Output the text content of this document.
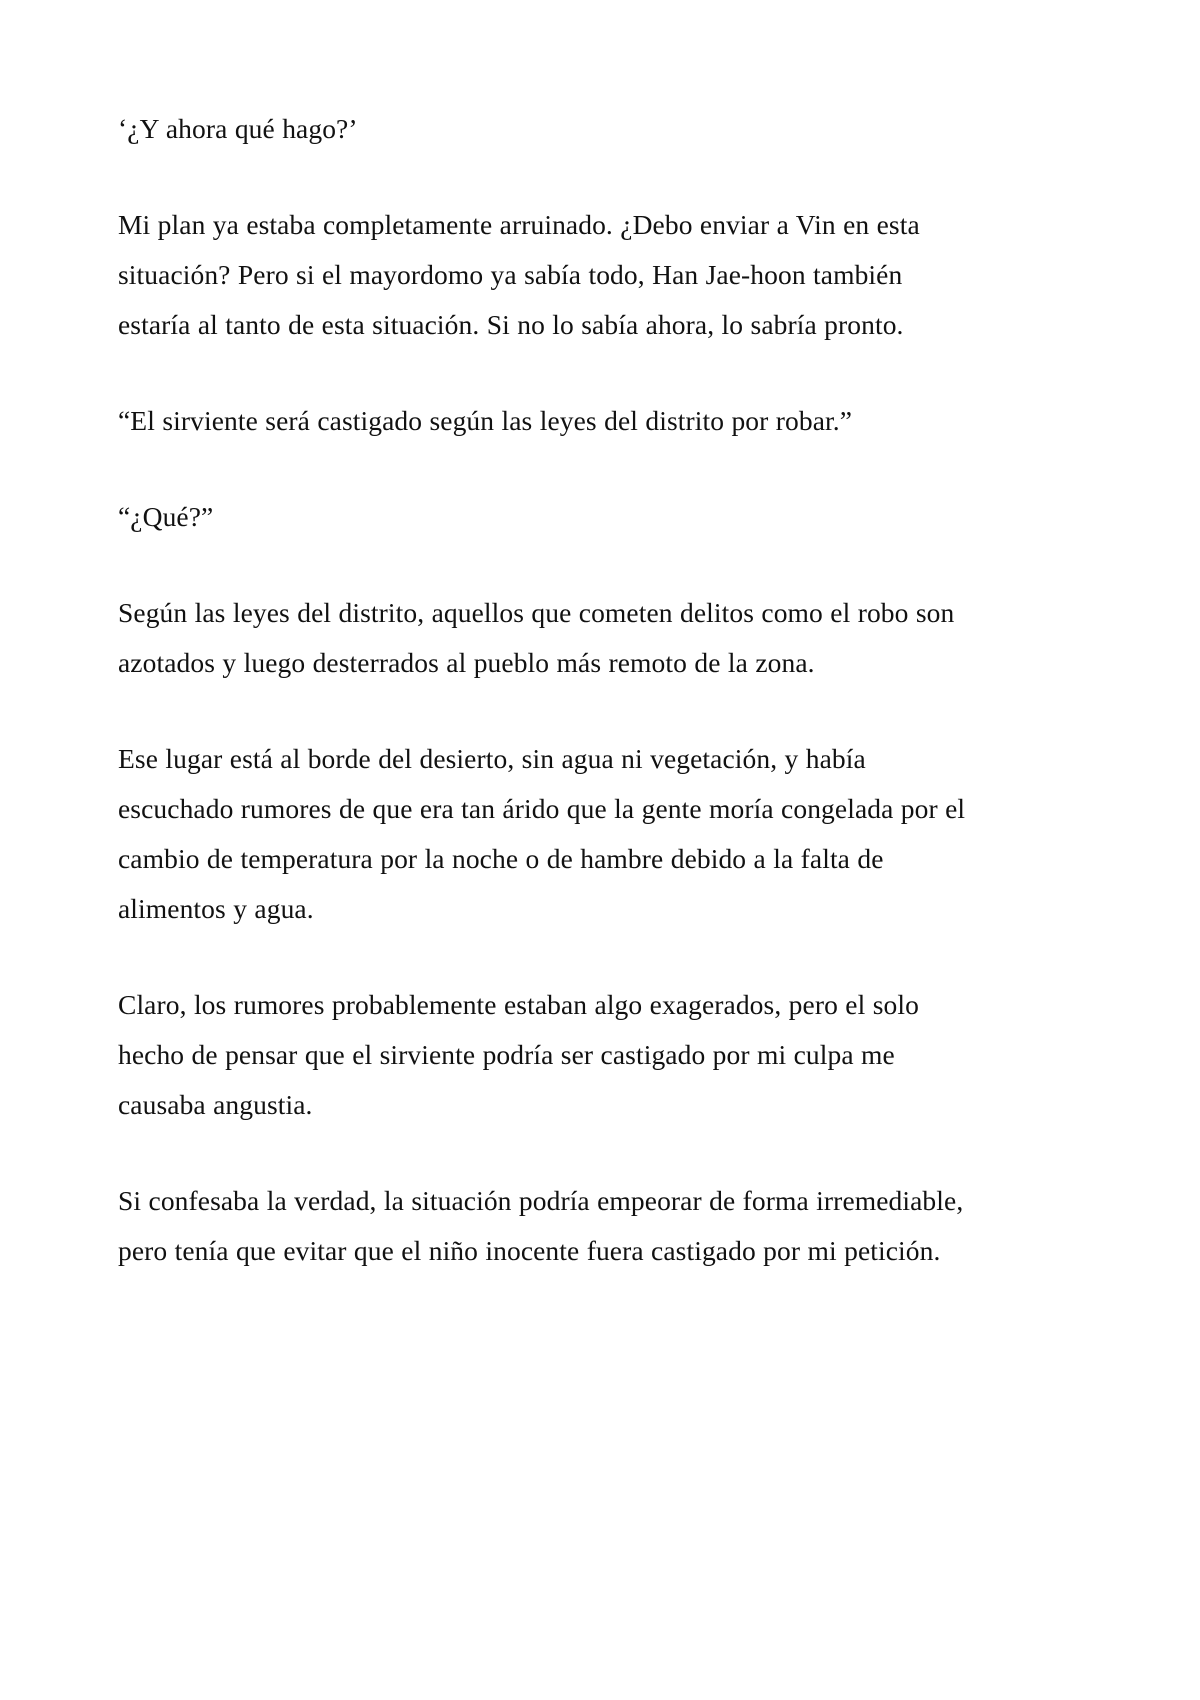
‘¿Y ahora qué hago?’

Mi plan ya estaba completamente arruinado. ¿Debo enviar a Vin en esta situación? Pero si el mayordomo ya sabía todo, Han Jae-hoon también estaría al tanto de esta situación. Si no lo sabía ahora, lo sabría pronto.

“El sirviente será castigado según las leyes del distrito por robar.”

“¿Qué?”

Según las leyes del distrito, aquellos que cometen delitos como el robo son azotados y luego desterrados al pueblo más remoto de la zona.

Ese lugar está al borde del desierto, sin agua ni vegetación, y había escuchado rumores de que era tan árido que la gente moría congelada por el cambio de temperatura por la noche o de hambre debido a la falta de alimentos y agua.

Claro, los rumores probablemente estaban algo exagerados, pero el solo hecho de pensar que el sirviente podría ser castigado por mi culpa me causaba angustia.

Si confesaba la verdad, la situación podría empeorar de forma irremediable, pero tenía que evitar que el niño inocente fuera castigado por mi petición.
